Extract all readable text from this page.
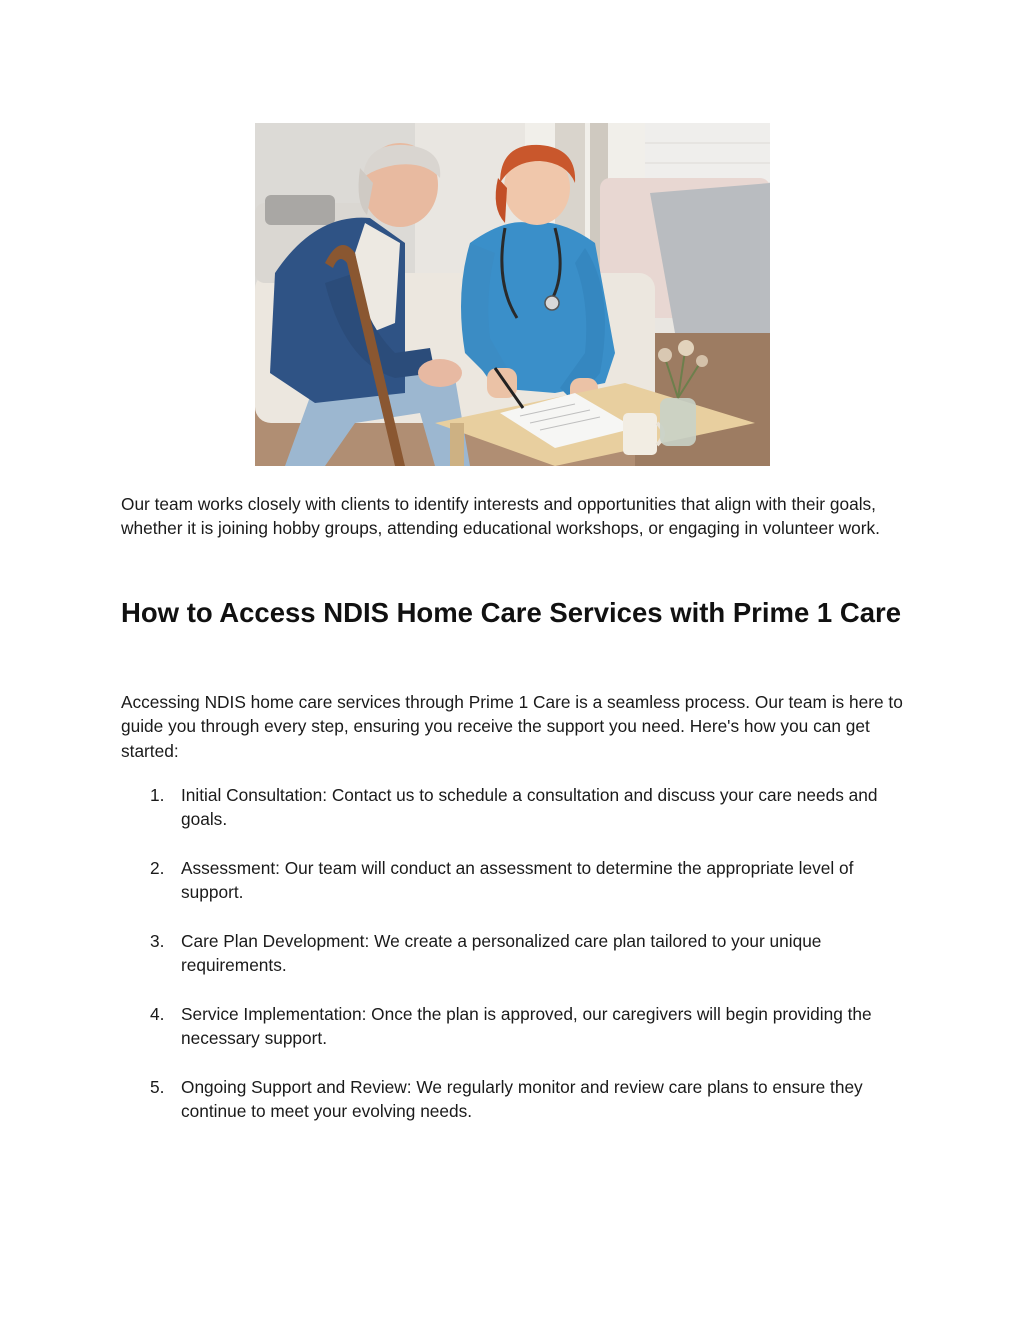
Our team works closely with clients to identify interests and opportunities that align with their goals, whether it is joining hobby groups, attending educational workshops, or engaging in volunteer work.

How to Access NDIS Home Care Services with Prime 1 Care

Accessing NDIS home care services through Prime 1 Care is a seamless process. Our team is here to guide you through every step, ensuring you receive the support you need. Here's how you can get started:

1. Initial Consultation: Contact us to schedule a consultation and discuss your care needs and goals.
2. Assessment: Our team will conduct an assessment to determine the appropriate level of support.
3. Care Plan Development: We create a personalized care plan tailored to your unique requirements.
4. Service Implementation: Once the plan is approved, our caregivers will begin providing the necessary support.
5. Ongoing Support and Review: We regularly monitor and review care plans to ensure they continue to meet your evolving needs.
